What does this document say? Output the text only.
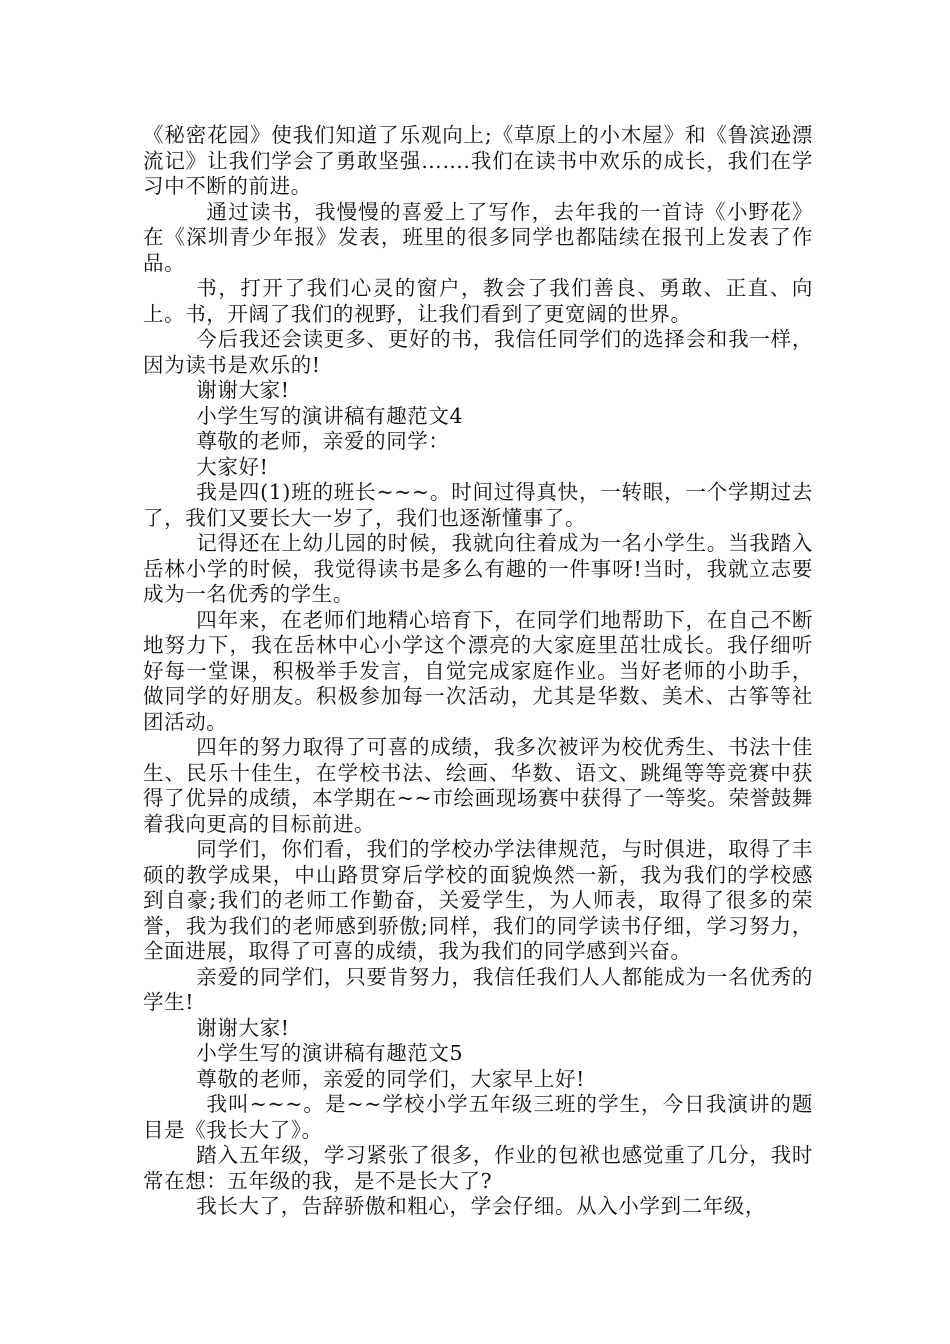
《秘密花园》使我们知道了乐观向上;《草原上的小木屋》和《鲁滨逊漂流记》让我们学会了勇敢坚强…….我们在读书中欢乐的成长，我们在学习中不断的前进。

通过读书，我慢慢的喜爱上了写作，去年我的一首诗《小野花》在《深圳青少年报》发表，班里的很多同学也都陆续在报刊上发表了作品。

书，打开了我们心灵的窗户，教会了我们善良、勇敢、正直、向上。书，开阔了我们的视野，让我们看到了更宽阔的世界。

今后我还会读更多、更好的书，我信任同学们的选择会和我一样，因为读书是欢乐的!

谢谢大家!

小学生写的演讲稿有趣范文4

尊敬的老师，亲爱的同学：

大家好!

我是四(1)班的班长~~~。时间过得真快，一转眼，一个学期过去了，我们又要长大一岁了，我们也逐渐懂事了。

记得还在上幼儿园的时候，我就向往着成为一名小学生。当我踏入岳林小学的时候，我觉得读书是多么有趣的一件事呀!当时，我就立志要成为一名优秀的学生。

四年来，在老师们地精心培育下，在同学们地帮助下，在自己不断地努力下，我在岳林中心小学这个漂亮的大家庭里茁壮成长。我仔细听好每一堂课，积极举手发言，自觉完成家庭作业。当好老师的小助手，做同学的好朋友。积极参加每一次活动，尤其是华数、美术、古筝等社团活动。

四年的努力取得了可喜的成绩，我多次被评为校优秀生、书法十佳生、民乐十佳生，在学校书法、绘画、华数、语文、跳绳等等竞赛中获得了优异的成绩，本学期在~~市绘画现场赛中获得了一等奖。荣誉鼓舞着我向更高的目标前进。

同学们，你们看，我们的学校办学法律规范，与时俱进，取得了丰硕的教学成果，中山路贯穿后学校的面貌焕然一新，我为我们的学校感到自豪;我们的老师工作勤奋，关爱学生，为人师表，取得了很多的荣誉，我为我们的老师感到骄傲;同样，我们的同学读书仔细，学习努力，全面进展，取得了可喜的成绩，我为我们的同学感到兴奋。

亲爱的同学们，只要肯努力，我信任我们人人都能成为一名优秀的学生!

谢谢大家!

小学生写的演讲稿有趣范文5

尊敬的老师，亲爱的同学们，大家早上好!

我叫~~~。是~~学校小学五年级三班的学生，今日我演讲的题目是《我长大了》。

踏入五年级，学习紧张了很多，作业的包袱也感觉重了几分，我时常在想：五年级的我，是不是长大了?

我长大了，告辞骄傲和粗心，学会仔细。从入小学到二年级，
